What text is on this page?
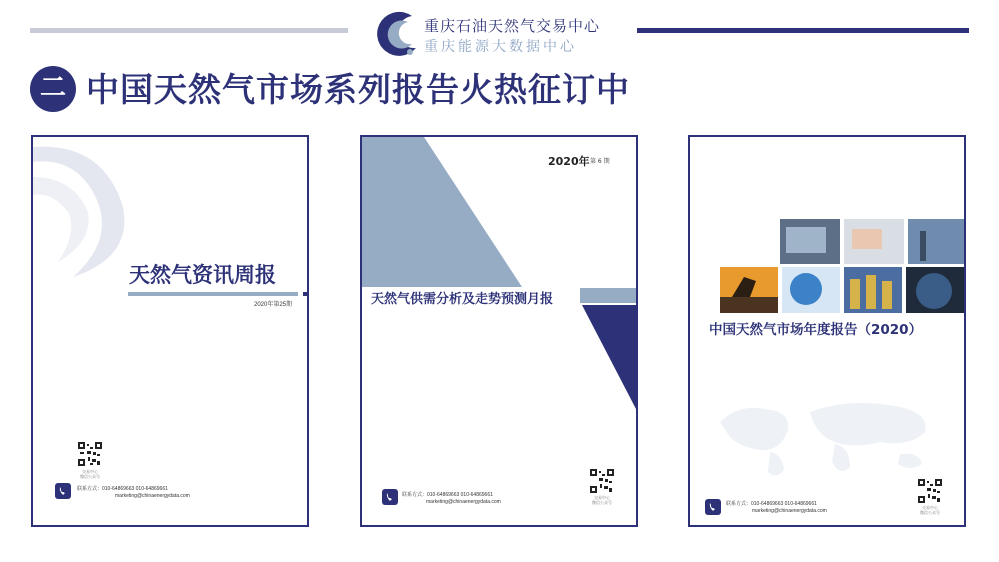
重庆石油天然气交易中心
重庆能源大数据中心
二 中国天然气市场系列报告火热征订中
天然气资讯周报
2020年第25期
交易中心
微信公众号
联系方式：010-64869663 010-64869661
marketing@chinaenergydata.com
2020年 第 6 期
天然气供需分析及走势预测月报
交易中心
微信公众号
联系方式：010-64869663 010-64869661
marketing@chinaenergydata.com
中国天然气市场年度报告（2020）
交易中心
微信公众号
联系方式：010-64869663 010-64869661
marketing@chinaenergydata.com
